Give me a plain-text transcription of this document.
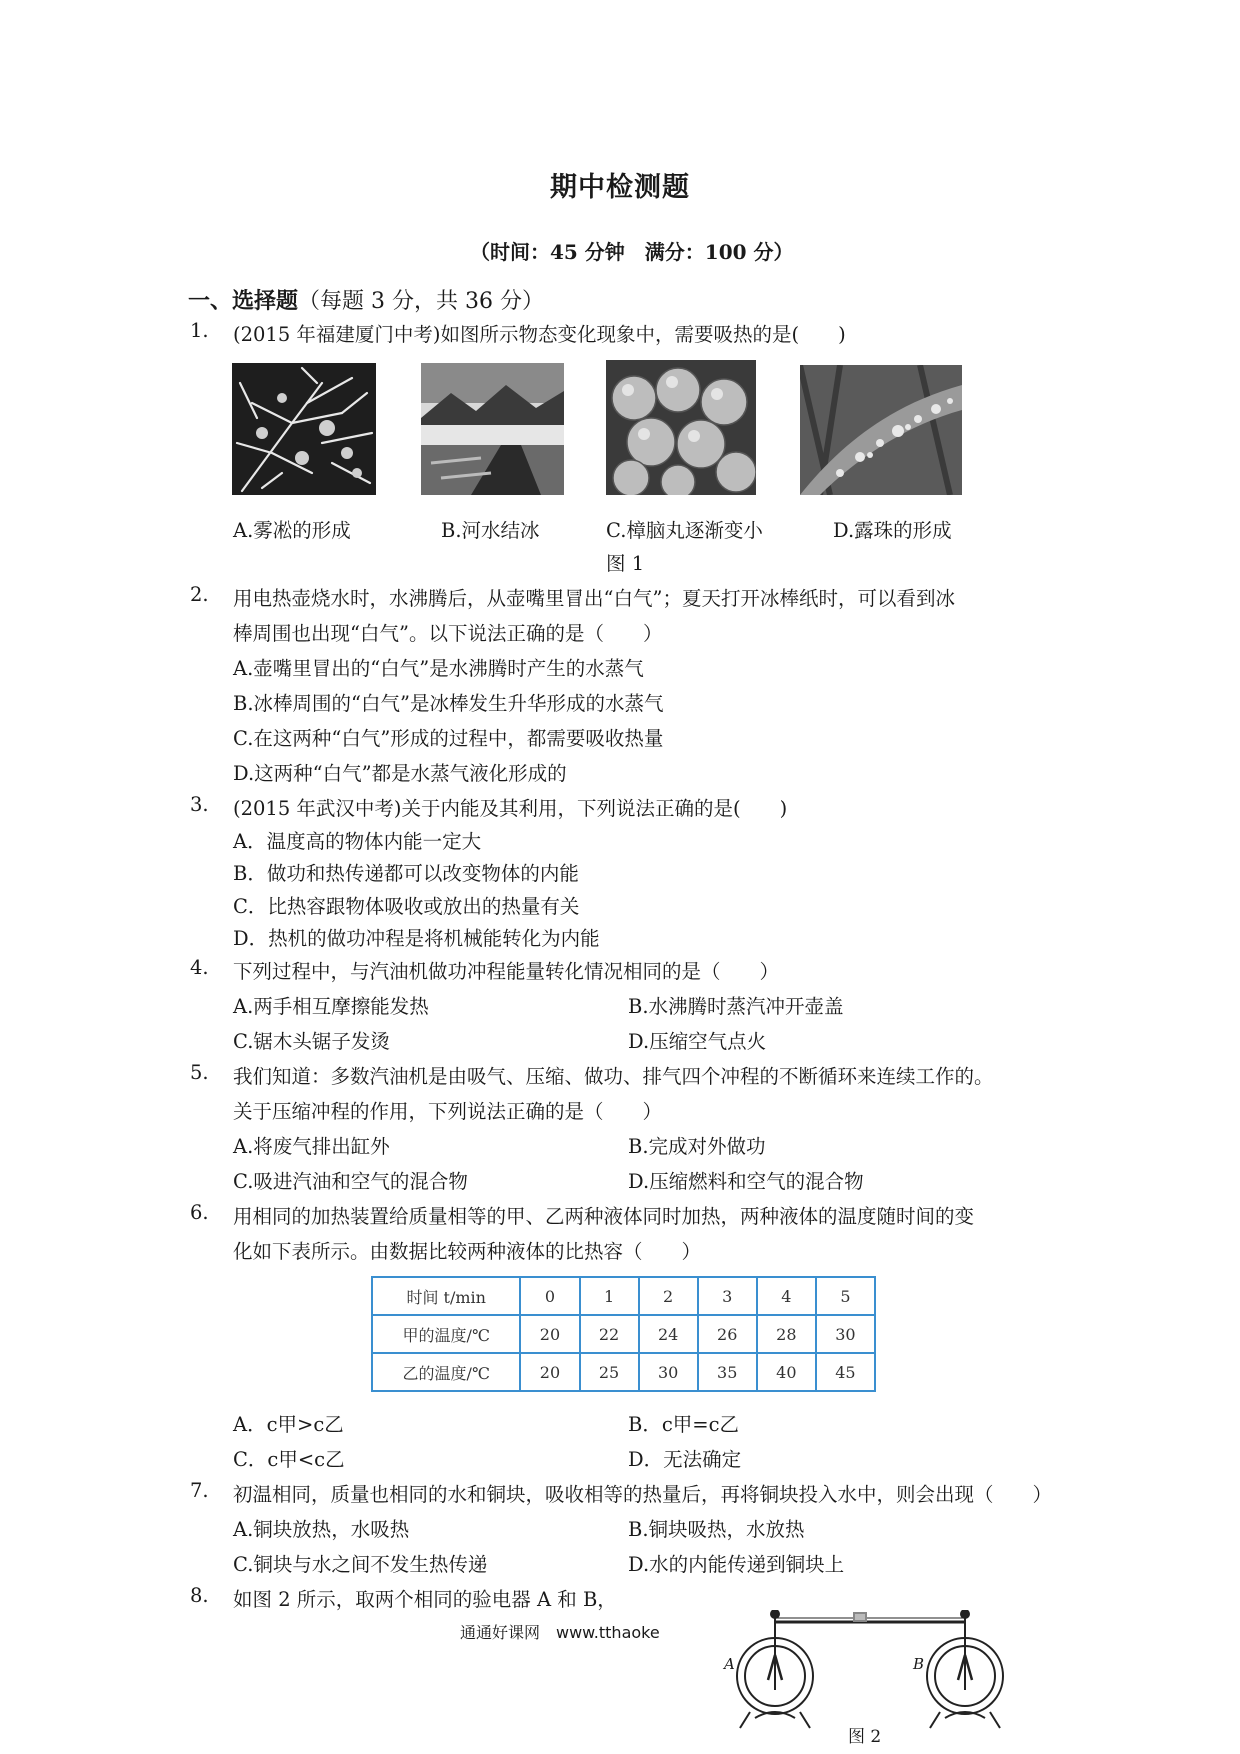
期中检测题
（时间：45 分钟　满分：100 分）
一、选择题（每题 3 分，共 36 分）
1. (2015 年福建厦门中考)如图所示物态变化现象中，需要吸热的是(　　)
A.雾凇的形成	B.河水结冰	C.樟脑丸逐渐变小	D.露珠的形成
图 1
2. 用电热壶烧水时，水沸腾后，从壶嘴里冒出“白气”；夏天打开冰棒纸时，可以看到冰
棒周围也出现“白气”。以下说法正确的是（　　）
A.壶嘴里冒出的“白气”是水沸腾时产生的水蒸气
B.冰棒周围的“白气”是冰棒发生升华形成的水蒸气
C.在这两种“白气”形成的过程中，都需要吸收热量
D.这两种“白气”都是水蒸气液化形成的
3. (2015 年武汉中考)关于内能及其利用，下列说法正确的是(　　)
A．温度高的物体内能一定大
B．做功和热传递都可以改变物体的内能
C．比热容跟物体吸收或放出的热量有关
D．热机的做功冲程是将机械能转化为内能
4. 下列过程中，与汽油机做功冲程能量转化情况相同的是（　　）
A.两手相互摩擦能发热	B.水沸腾时蒸汽冲开壶盖
C.锯木头锯子发烫	D.压缩空气点火
5. 我们知道：多数汽油机是由吸气、压缩、做功、排气四个冲程的不断循环来连续工作的。
关于压缩冲程的作用，下列说法正确的是（　　）
A.将废气排出缸外	B.完成对外做功
C.吸进汽油和空气的混合物	D.压缩燃料和空气的混合物
6. 用相同的加热装置给质量相等的甲、乙两种液体同时加热，两种液体的温度随时间的变
化如下表所示。由数据比较两种液体的比热容（　　）
时间 t/min	0	1	2	3	4	5
甲的温度/℃	20	22	24	26	28	30
乙的温度/℃	20	25	30	35	40	45
A．c甲>c乙	B．c甲=c乙
C．c甲<c乙	D．无法确定
7. 初温相同，质量也相同的水和铜块，吸收相等的热量后，再将铜块投入水中，则会出现（　　）
A.铜块放热，水吸热	B.铜块吸热，水放热
C.铜块与水之间不发生热传递	D.水的内能传递到铜块上
8. 如图 2 所示，取两个相同的验电器 A 和 B，
通通好课网　www.tthaoke
A	B
图 2
